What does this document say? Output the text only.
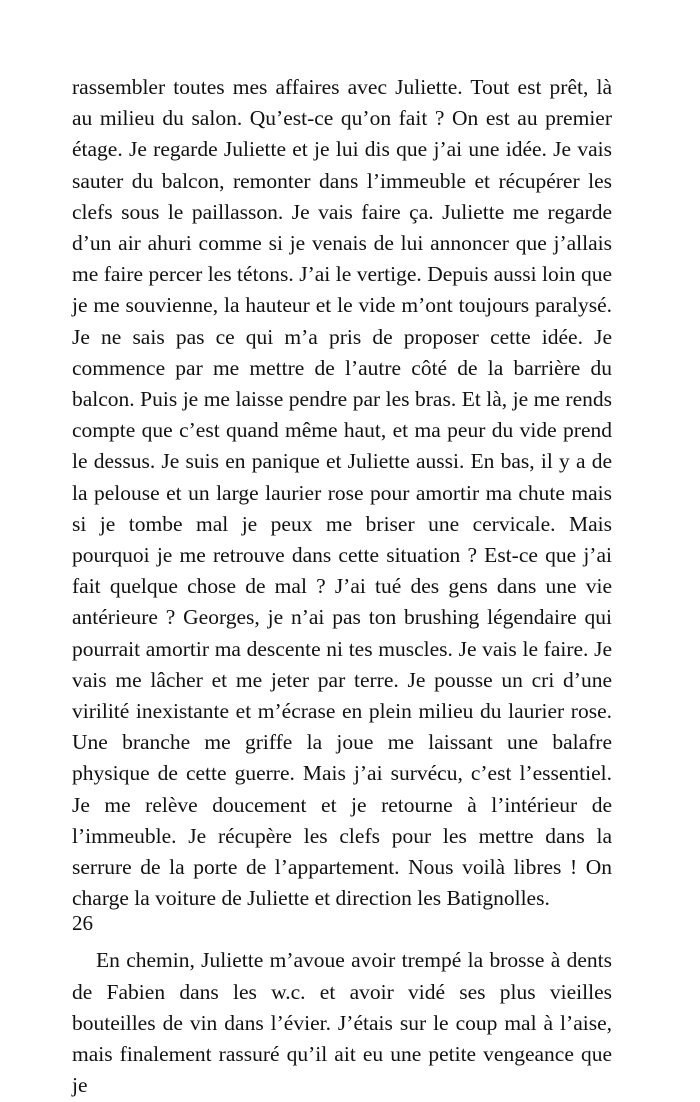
rassembler toutes mes affaires avec Juliette. Tout est prêt, là au milieu du salon. Qu’est-ce qu’on fait ? On est au premier étage. Je regarde Juliette et je lui dis que j’ai une idée. Je vais sauter du balcon, remonter dans l’immeuble et récupérer les clefs sous le paillasson. Je vais faire ça. Juliette me regarde d’un air ahuri comme si je venais de lui annoncer que j’allais me faire percer les tétons. J’ai le vertige. Depuis aussi loin que je me souvienne, la hauteur et le vide m’ont toujours paralysé. Je ne sais pas ce qui m’a pris de proposer cette idée. Je commence par me mettre de l’autre côté de la barrière du balcon. Puis je me laisse pendre par les bras. Et là, je me rends compte que c’est quand même haut, et ma peur du vide prend le dessus. Je suis en panique et Juliette aussi. En bas, il y a de la pelouse et un large laurier rose pour amortir ma chute mais si je tombe mal je peux me briser une cervicale. Mais pourquoi je me retrouve dans cette situation ? Est-ce que j’ai fait quelque chose de mal ? J’ai tué des gens dans une vie antérieure ? Georges, je n’ai pas ton brushing légendaire qui pourrait amortir ma descente ni tes muscles. Je vais le faire. Je vais me lâcher et me jeter par terre. Je pousse un cri d’une virilité inexistante et m’écrase en plein milieu du laurier rose. Une branche me griffe la joue me laissant une balafre physique de cette guerre. Mais j’ai survécu, c’est l’essentiel. Je me relève doucement et je retourne à l’intérieur de l’immeuble. Je récupère les clefs pour les mettre dans la serrure de la porte de l’appartement. Nous voilà libres ! On charge la voiture de Juliette et direction les Batignolles.

En chemin, Juliette m’avoue avoir trempé la brosse à dents de Fabien dans les w.c. et avoir vidé ses plus vieilles bouteilles de vin dans l’évier. J’étais sur le coup mal à l’aise, mais finalement rassuré qu’il ait eu une petite vengeance que je

26
